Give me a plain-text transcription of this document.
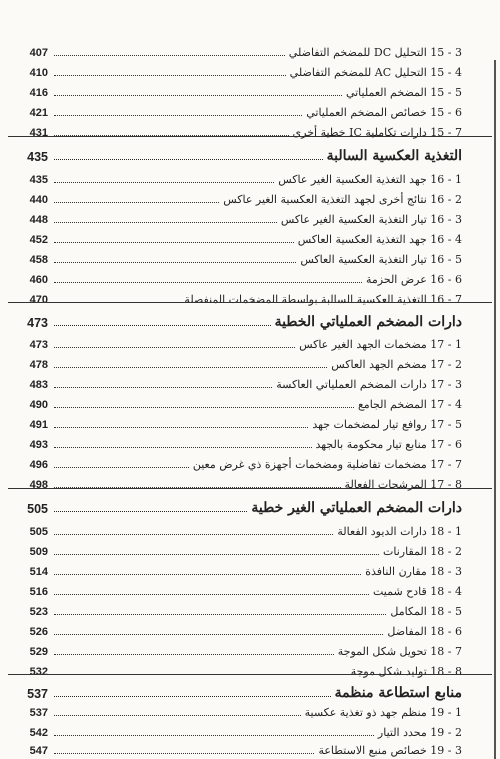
407	3 - 15 التحليل DC للمضخم التفاضلي
410	4 - 15 التحليل AC للمضخم التفاضلي
416	5 - 15 المضخم العملياتي
421	6 - 15 خصائص المضخم العملياتي
431	7 - 15 دارات تكاملية IC خطية أخرى
435	التغذية العكسية السالبة
435	1 - 16 جهد التغذية العكسية الغير عاكس
440	2 - 16 نتائج أخرى لجهد التغذية العكسية الغير عاكس
448	3 - 16 تيار التغذية العكسية الغير عاكس
452	4 - 16 جهد التغذية العكسية العاكس
458	5 - 16 تيار التغذية العكسية العاكس
460	6 - 16 عرض الحزمة
470	7 - 16 التغذية العكسية السالبة بواسطة المضخمات المنفصلة
473	دارات المضخم العملياتي الخطية
473	1 - 17 مضخمات الجهد الغير عاكس
478	2 - 17 مضخم الجهد العاكس
483	3 - 17 دارات المضخم العملياتي العاكسة
490	4 - 17 المضخم الجامع
491	5 - 17 روافع تيار لمضخمات جهد
493	6 - 17 منابع تيار محكومة بالجهد
496	7 - 17 مضخمات تفاضلية ومضخمات أجهزة ذي غرض معين
498	8 - 17 المرشحات الفعالة
505	دارات المضخم العملياتي الغير خطية
505	1 - 18 دارات الديود الفعالة
509	2 - 18 المقارنات
514	3 - 18 مقارن النافذة
516	4 - 18 قادح شميت
523	5 - 18 المكامل
526	6 - 18 المفاضل
529	7 - 18 تحويل شكل الموجة
532	8 - 18 توليد شكل موجة
537	منابع استطاعة منظمة
537	1 - 19 منظم جهد ذو تغذية عكسية
542	2 - 19 محدد التيار
547	3 - 19 خصائص منبع الاستطاعة
